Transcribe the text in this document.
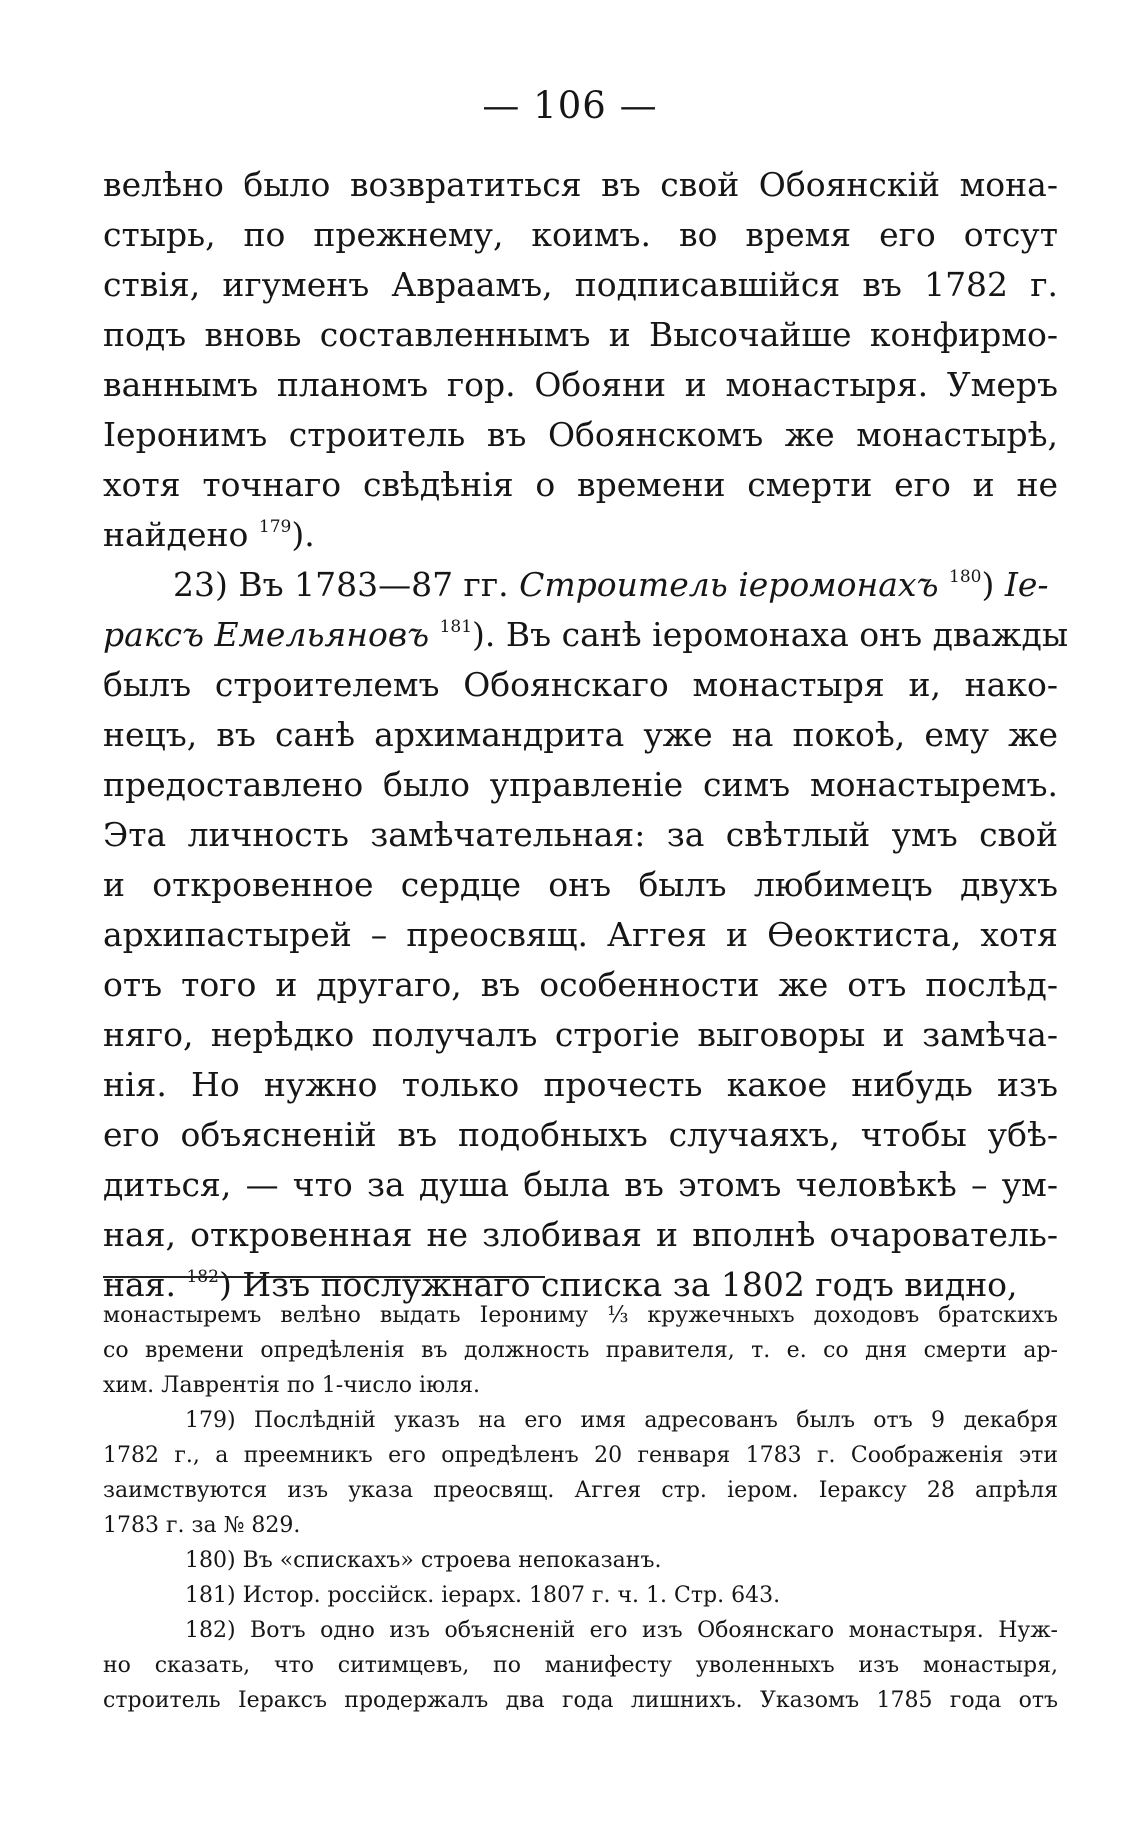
— 106 —
велѣно было возвратиться въ свой Обоянскій мона-
стырь, по прежнему, коимъ. во время его отсут
ствія, игуменъ Авраамъ, подписавшійся въ 1782 г.
подъ вновь составленнымъ и Высочайше конфирмо-
ваннымъ планомъ гор. Обояни и монастыря. Умеръ
Іеронимъ строитель въ Обоянскомъ же монастырѣ,
хотя точнаго свѣдѣнія о времени смерти его и не
найдено $^{179}$).
23) Въ 1783—87 гг. Строитель іеромонахъ $^{180}$) Іе-
раксъ Емельяновъ $^{181}$). Въ санѣ іеромонаха онъ дважды
былъ строителемъ Обоянскаго монастыря и, нако-
нецъ, въ санѣ архимандрита уже на покоѣ, ему же
предоставлено было управленіе симъ монастыремъ.
Эта личность замѣчательная: за свѣтлый умъ свой
и откровенное сердце онъ былъ любимецъ двухъ
архипастырей – преосвящ. Аггея и Ѳеоктиста, хотя
отъ того и другаго, въ особенности же отъ послѣд-
няго, нерѣдко получалъ строгіе выговоры и замѣча-
нія. Но нужно только прочесть какое нибудь изъ
его объясненій въ подобныхъ случаяхъ, чтобы убѣ-
диться, — что за душа была въ этомъ человѣкѣ – ум-
ная, откровенная не злобивая и вполнѣ очарователь-
ная. $^{182}$) Изъ послужнаго списка за 1802 годъ видно,
монастыремъ велѣно выдать Іерониму ⅓ кружечныхъ доходовъ братскихъ
со времени опредѣленія въ должность правителя, т. е. со дня смерти ар-
хим. Лаврентія по 1-число іюля.
179) Послѣдній указъ на его имя адресованъ былъ отъ 9 декабря
1782 г., а преемникъ его опредѣленъ 20 генваря 1783 г. Соображенія эти
заимствуются изъ указа преосвящ. Аггея стр. іером. Іераксу 28 апрѣля
1783 г. за № 829.
180) Въ «спискахъ» строева непоказанъ.
181) Истор. россійск. іерарх. 1807 г. ч. 1. Стр. 643.
182) Вотъ одно изъ объясненій его изъ Обоянскаго монастыря. Нуж-
но сказать, что ситимцевъ, по манифесту уволенныхъ изъ монастыря,
строитель Іераксъ продержалъ два года лишнихъ. Указомъ 1785 года отъ
